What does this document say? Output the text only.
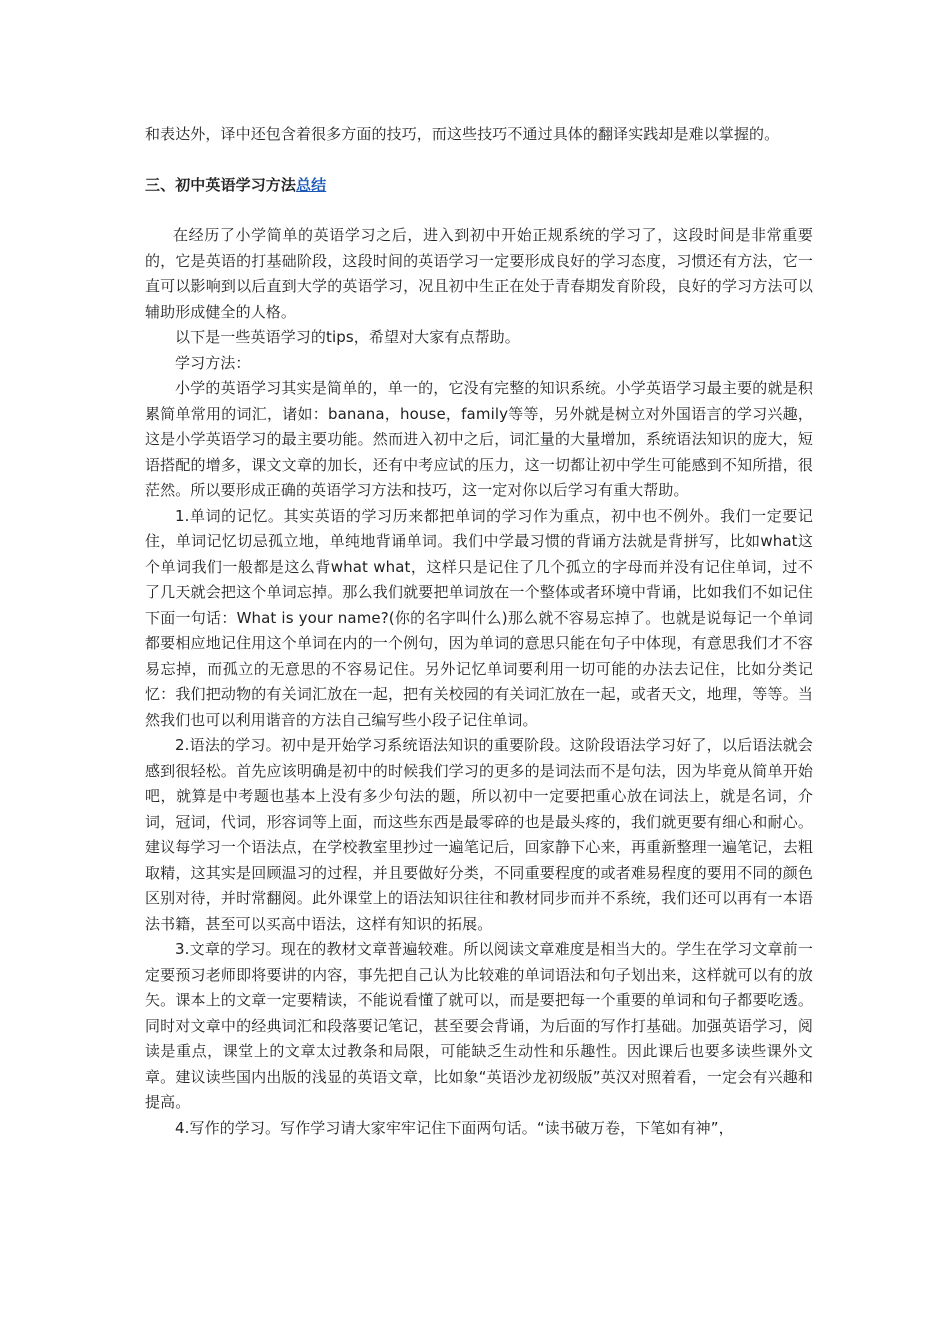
和表达外，译中还包含着很多方面的技巧，而这些技巧不通过具体的翻译实践却是难以掌握的。

三、初中英语学习方法总结

在经历了小学简单的英语学习之后，进入到初中开始正规系统的学习了，这段时间是非常重要的，它是英语的打基础阶段，这段时间的英语学习一定要形成良好的学习态度，习惯还有方法，它一直可以影响到以后直到大学的英语学习，况且初中生正在处于青春期发育阶段，良好的学习方法可以辅助形成健全的人格。

以下是一些英语学习的tips，希望对大家有点帮助。

学习方法：

小学的英语学习其实是简单的，单一的，它没有完整的知识系统。小学英语学习最主要的就是积累简单常用的词汇，诸如：banana，house，family等等，另外就是树立对外国语言的学习兴趣，这是小学英语学习的最主要功能。然而进入初中之后，词汇量的大量增加，系统语法知识的庞大，短语搭配的增多，课文文章的加长，还有中考应试的压力，这一切都让初中学生可能感到不知所措，很茫然。所以要形成正确的英语学习方法和技巧，这一定对你以后学习有重大帮助。

1.单词的记忆。其实英语的学习历来都把单词的学习作为重点，初中也不例外。我们一定要记住，单词记忆切忌孤立地，单纯地背诵单词。我们中学最习惯的背诵方法就是背拼写，比如what这个单词我们一般都是这么背what what，这样只是记住了几个孤立的字母而并没有记住单词，过不了几天就会把这个单词忘掉。那么我们就要把单词放在一个整体或者环境中背诵，比如我们不如记住下面一句话：What is your name?(你的名字叫什么)那么就不容易忘掉了。也就是说每记一个单词都要相应地记住用这个单词在内的一个例句，因为单词的意思只能在句子中体现，有意思我们才不容易忘掉，而孤立的无意思的不容易记住。另外记忆单词要利用一切可能的办法去记住，比如分类记忆：我们把动物的有关词汇放在一起，把有关校园的有关词汇放在一起，或者天文，地理，等等。当然我们也可以利用谐音的方法自己编写些小段子记住单词。

2.语法的学习。初中是开始学习系统语法知识的重要阶段。这阶段语法学习好了，以后语法就会感到很轻松。首先应该明确是初中的时候我们学习的更多的是词法而不是句法，因为毕竟从简单开始吧，就算是中考题也基本上没有多少句法的题，所以初中一定要把重心放在词法上，就是名词，介词，冠词，代词，形容词等上面，而这些东西是最零碎的也是最头疼的，我们就更要有细心和耐心。建议每学习一个语法点，在学校教室里抄过一遍笔记后，回家静下心来，再重新整理一遍笔记，去粗取精，这其实是回顾温习的过程，并且要做好分类，不同重要程度的或者难易程度的要用不同的颜色区别对待，并时常翻阅。此外课堂上的语法知识往往和教材同步而并不系统，我们还可以再有一本语法书籍，甚至可以买高中语法，这样有知识的拓展。

3.文章的学习。现在的教材文章普遍较难。所以阅读文章难度是相当大的。学生在学习文章前一定要预习老师即将要讲的内容，事先把自己认为比较难的单词语法和句子划出来，这样就可以有的放矢。课本上的文章一定要精读，不能说看懂了就可以，而是要把每一个重要的单词和句子都要吃透。同时对文章中的经典词汇和段落要记笔记，甚至要会背诵，为后面的写作打基础。加强英语学习，阅读是重点，课堂上的文章太过教条和局限，可能缺乏生动性和乐趣性。因此课后也要多读些课外文章。建议读些国内出版的浅显的英语文章，比如象“英语沙龙初级版”英汉对照着看，一定会有兴趣和提高。

4.写作的学习。写作学习请大家牢牢记住下面两句话。“读书破万卷，下笔如有神”，
